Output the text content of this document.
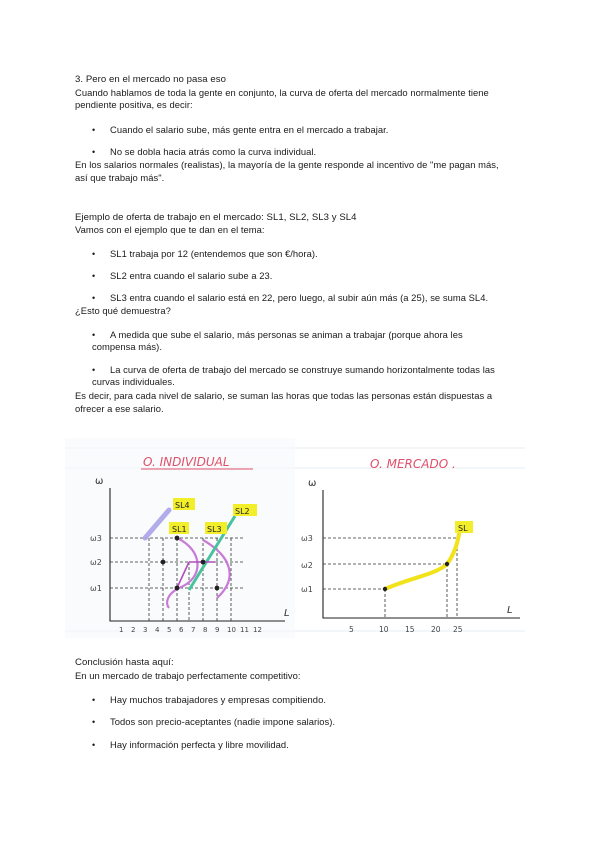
3. Pero en el mercado no pasa eso
Cuando hablamos de toda la gente en conjunto, la curva de oferta del mercado normalmente tiene
pendiente positiva, es decir:
• Cuando el salario sube, más gente entra en el mercado a trabajar.
• No se dobla hacia atrás como la curva individual.
En los salarios normales (realistas), la mayoría de la gente responde al incentivo de "me pagan más,
así que trabajo más".
Ejemplo de oferta de trabajo en el mercado: SL1, SL2, SL3 y SL4
Vamos con el ejemplo que te dan en el tema:
• SL1 trabaja por 12 (entendemos que son €/hora).
• SL2 entra cuando el salario sube a 23.
• SL3 entra cuando el salario está en 22, pero luego, al subir aún más (a 25), se suma SL4.
¿Esto qué demuestra?
• A medida que sube el salario, más personas se animan a trabajar (porque ahora les
compensa más).
• La curva de oferta de trabajo del mercado se construye sumando horizontalmente todas las
curvas individuales.
Es decir, para cada nivel de salario, se suman las horas que todas las personas están dispuestas a
ofrecer a ese salario.
O. INDIVIDUAL
ω
L
ω3
ω2
ω1
SL4
SL1	SL3
SL2
1 2 3 4 5 6 7 8 9 10 11 12
O. MERCADO .
ω
L
ω3
ω2
ω1
SL
5	10 15 20 25
Conclusión hasta aquí:
En un mercado de trabajo perfectamente competitivo:
• Hay muchos trabajadores y empresas compitiendo.
• Todos son precio-aceptantes (nadie impone salarios).
• Hay información perfecta y libre movilidad.
